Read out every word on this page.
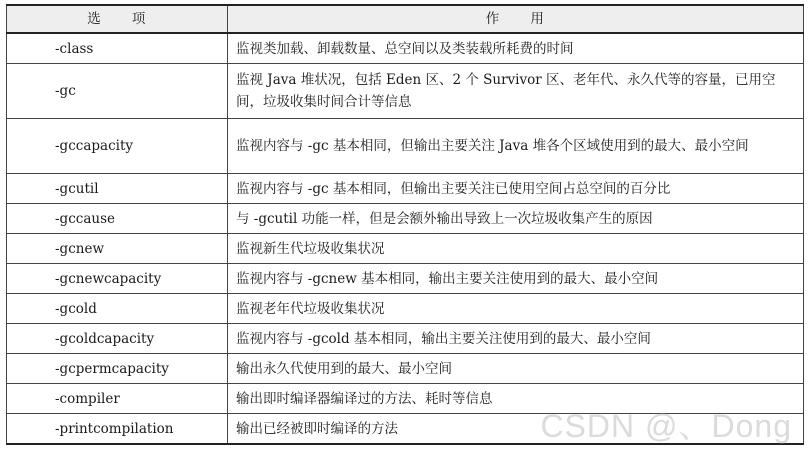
选　　项	作　　用
-class	监视类加载、卸载数量、总空间以及类装载所耗费的时间
-gc	监视 Java 堆状况，包括 Eden 区、2 个 Survivor 区、老年代、永久代等的容量，已用空间，垃圾收集时间合计等信息
-gccapacity	监视内容与 -gc 基本相同，但输出主要关注 Java 堆各个区域使用到的最大、最小空间
-gcutil	监视内容与 -gc 基本相同，但输出主要关注已使用空间占总空间的百分比
-gccause	与 -gcutil 功能一样，但是会额外输出导致上一次垃圾收集产生的原因
-gcnew	监视新生代垃圾收集状况
-gcnewcapacity	监视内容与 -gcnew 基本相同，输出主要关注使用到的最大、最小空间
-gcold	监视老年代垃圾收集状况
-gcoldcapacity	监视内容与 -gcold 基本相同，输出主要关注使用到的最大、最小空间
-gcpermcapacity	输出永久代使用到的最大、最小空间
-compiler	输出即时编译器编译过的方法、耗时等信息
-printcompilation	输出已经被即时编译的方法	CSDN @、Dong
